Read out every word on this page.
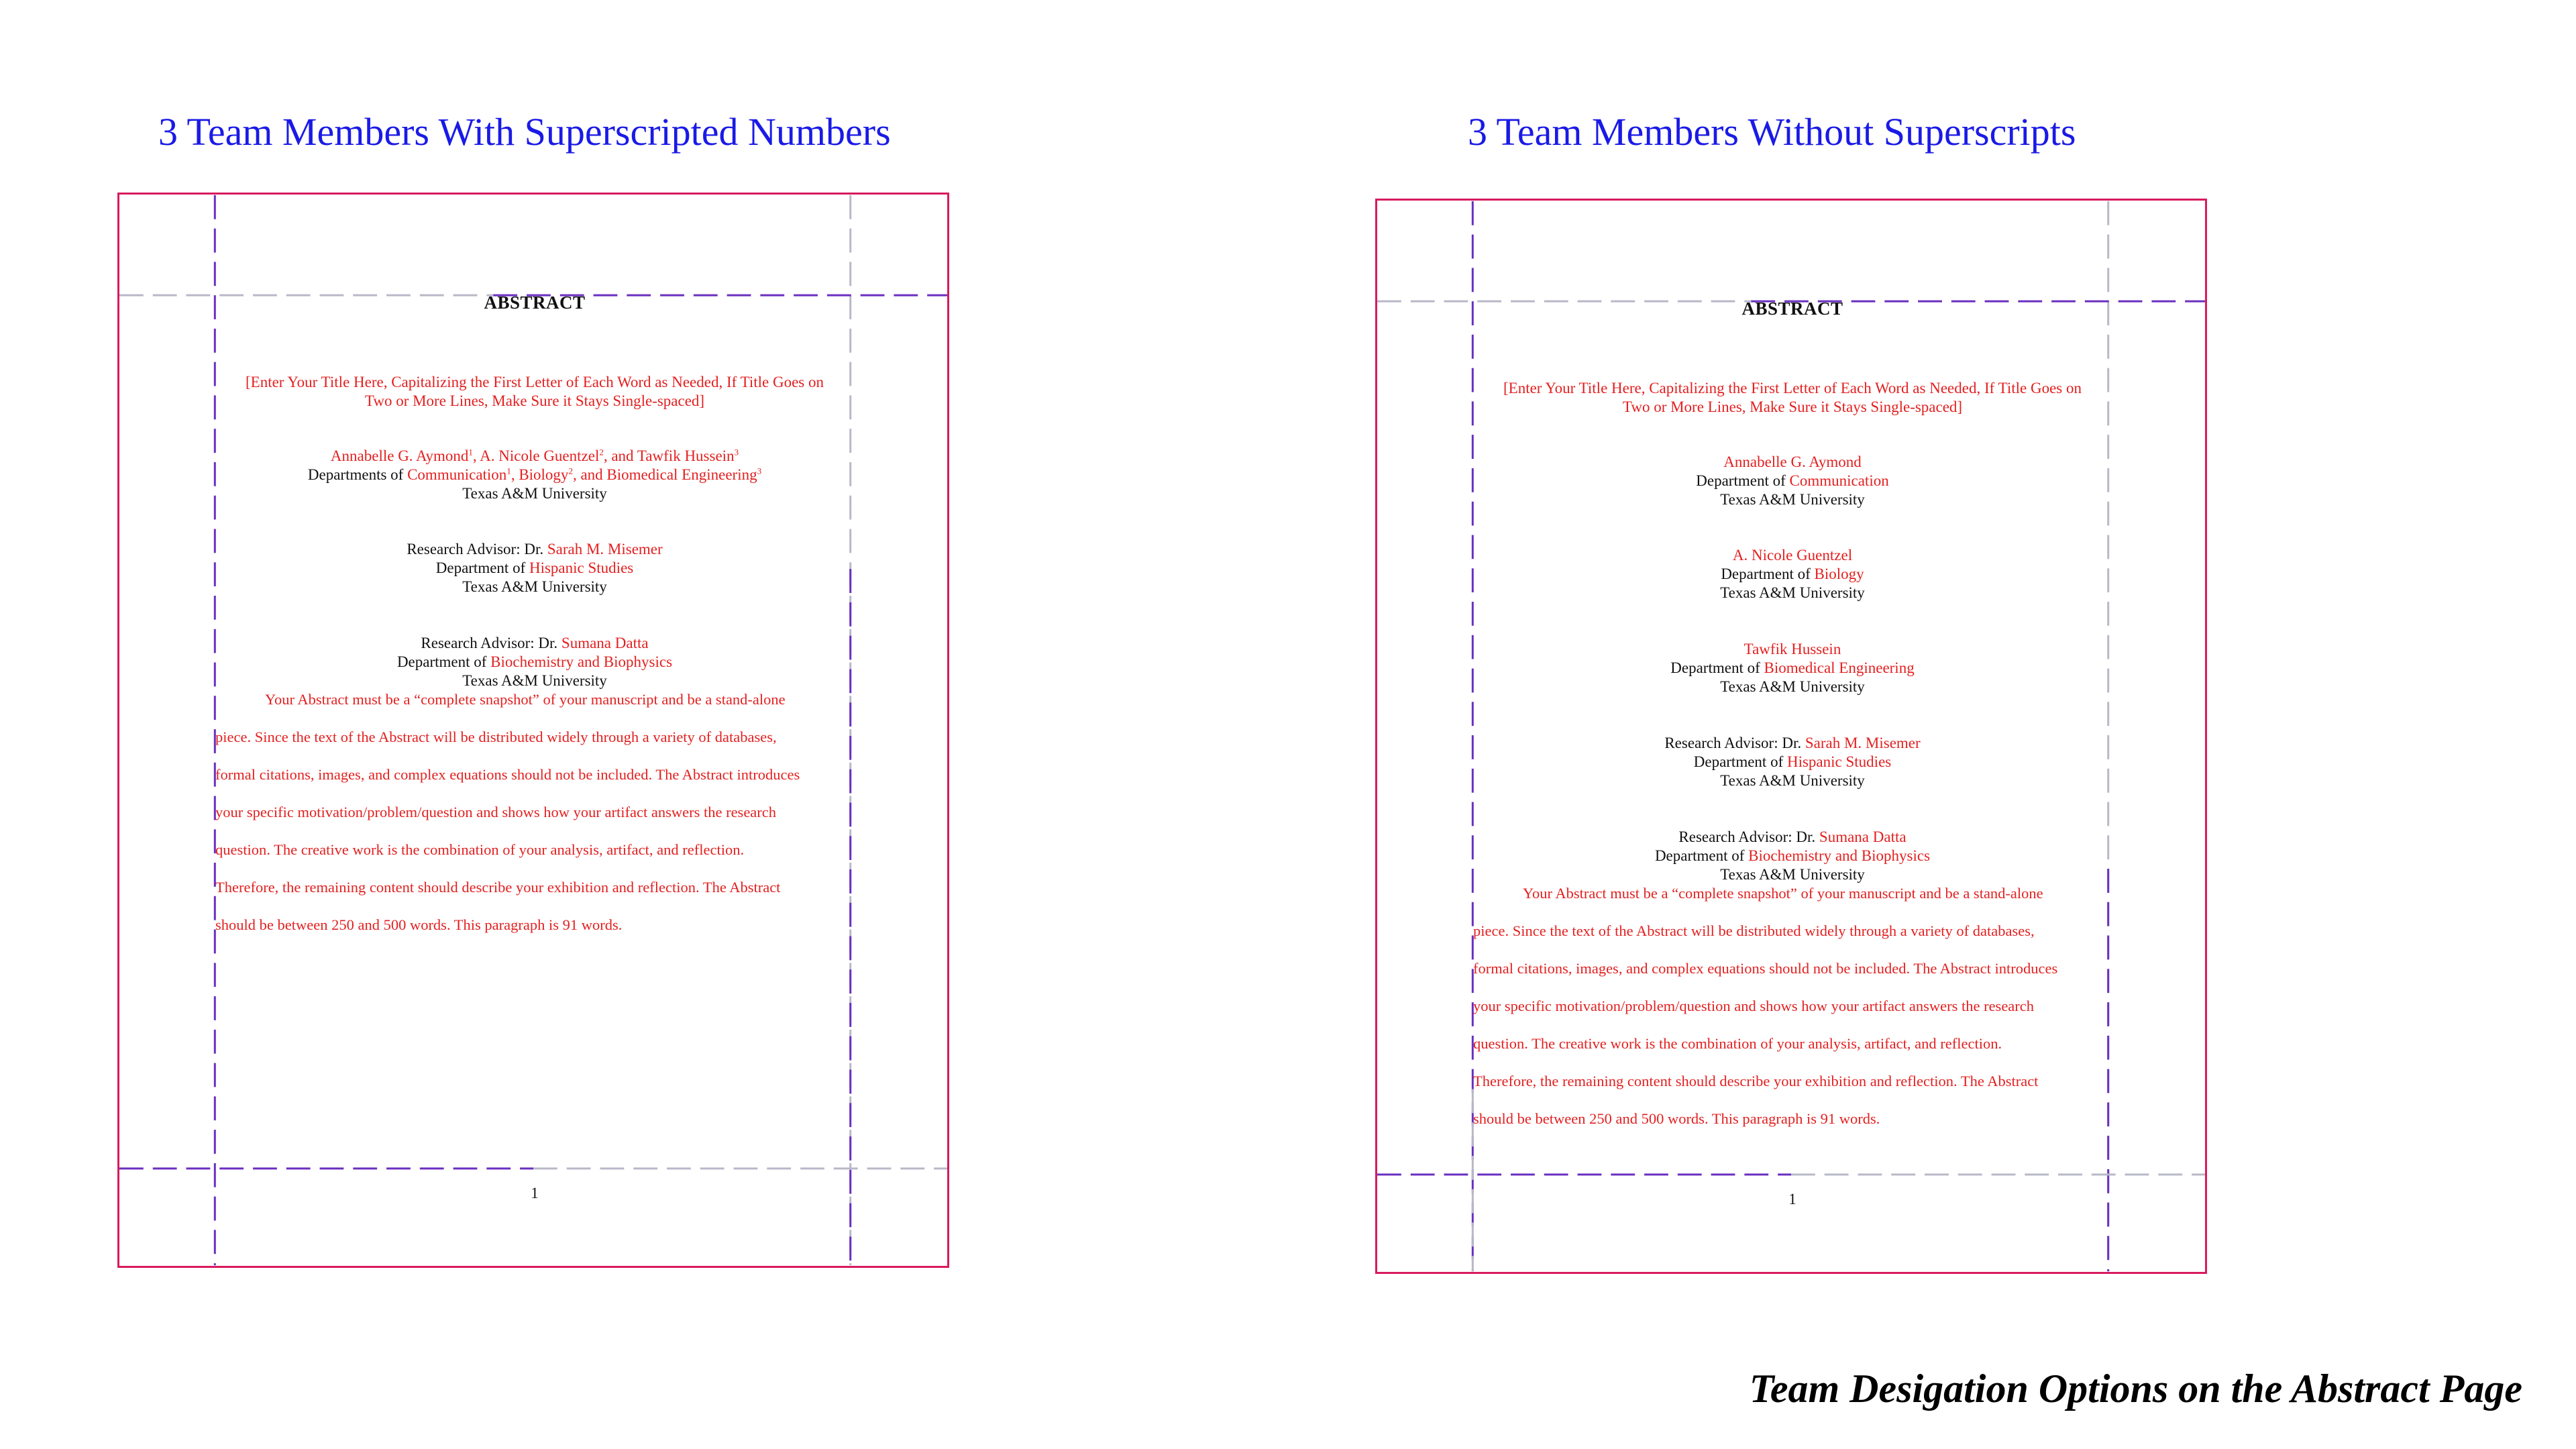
3 Team Members With Superscripted Numbers	3 Team Members Without Superscripts
ABSTRACT
[Enter Your Title Here, Capitalizing the First Letter of Each Word as Needed, If Title Goes on
Two or More Lines, Make Sure it Stays Single-spaced]
Annabelle G. Aymond$^1$, A. Nicole Guentzel$^2$, and Tawfik Hussein$^3$
Departments of Communication$^1$, Biology$^2$, and Biomedical Engineering$^3$
Texas A&M University
Research Advisor: Dr. Sarah M. Misemer
Department of Hispanic Studies
Texas A&M University
Research Advisor: Dr. Sumana Datta
Department of Biochemistry and Biophysics
Texas A&M University
Your Abstract must be a “complete snapshot” of your manuscript and be a stand-alone
piece. Since the text of the Abstract will be distributed widely through a variety of databases,
formal citations, images, and complex equations should not be included. The Abstract introduces
your specific motivation/problem/question and shows how your artifact answers the research
question. The creative work is the combination of your analysis, artifact, and reflection.
Therefore, the remaining content should describe your exhibition and reflection. The Abstract
should be between 250 and 500 words. This paragraph is 91 words.
1
ABSTRACT
[Enter Your Title Here, Capitalizing the First Letter of Each Word as Needed, If Title Goes on
Two or More Lines, Make Sure it Stays Single-spaced]
Annabelle G. Aymond
Department of Communication
Texas A&M University
A. Nicole Guentzel
Department of Biology
Texas A&M University
Tawfik Hussein
Department of Biomedical Engineering
Texas A&M University
Research Advisor: Dr. Sarah M. Misemer
Department of Hispanic Studies
Texas A&M University
Research Advisor: Dr. Sumana Datta
Department of Biochemistry and Biophysics
Texas A&M University
Your Abstract must be a “complete snapshot” of your manuscript and be a stand-alone
piece. Since the text of the Abstract will be distributed widely through a variety of databases,
formal citations, images, and complex equations should not be included. The Abstract introduces
your specific motivation/problem/question and shows how your artifact answers the research
question. The creative work is the combination of your analysis, artifact, and reflection.
Therefore, the remaining content should describe your exhibition and reflection. The Abstract
should be between 250 and 500 words. This paragraph is 91 words.
1
Team Desigation Options on the Abstract Page
